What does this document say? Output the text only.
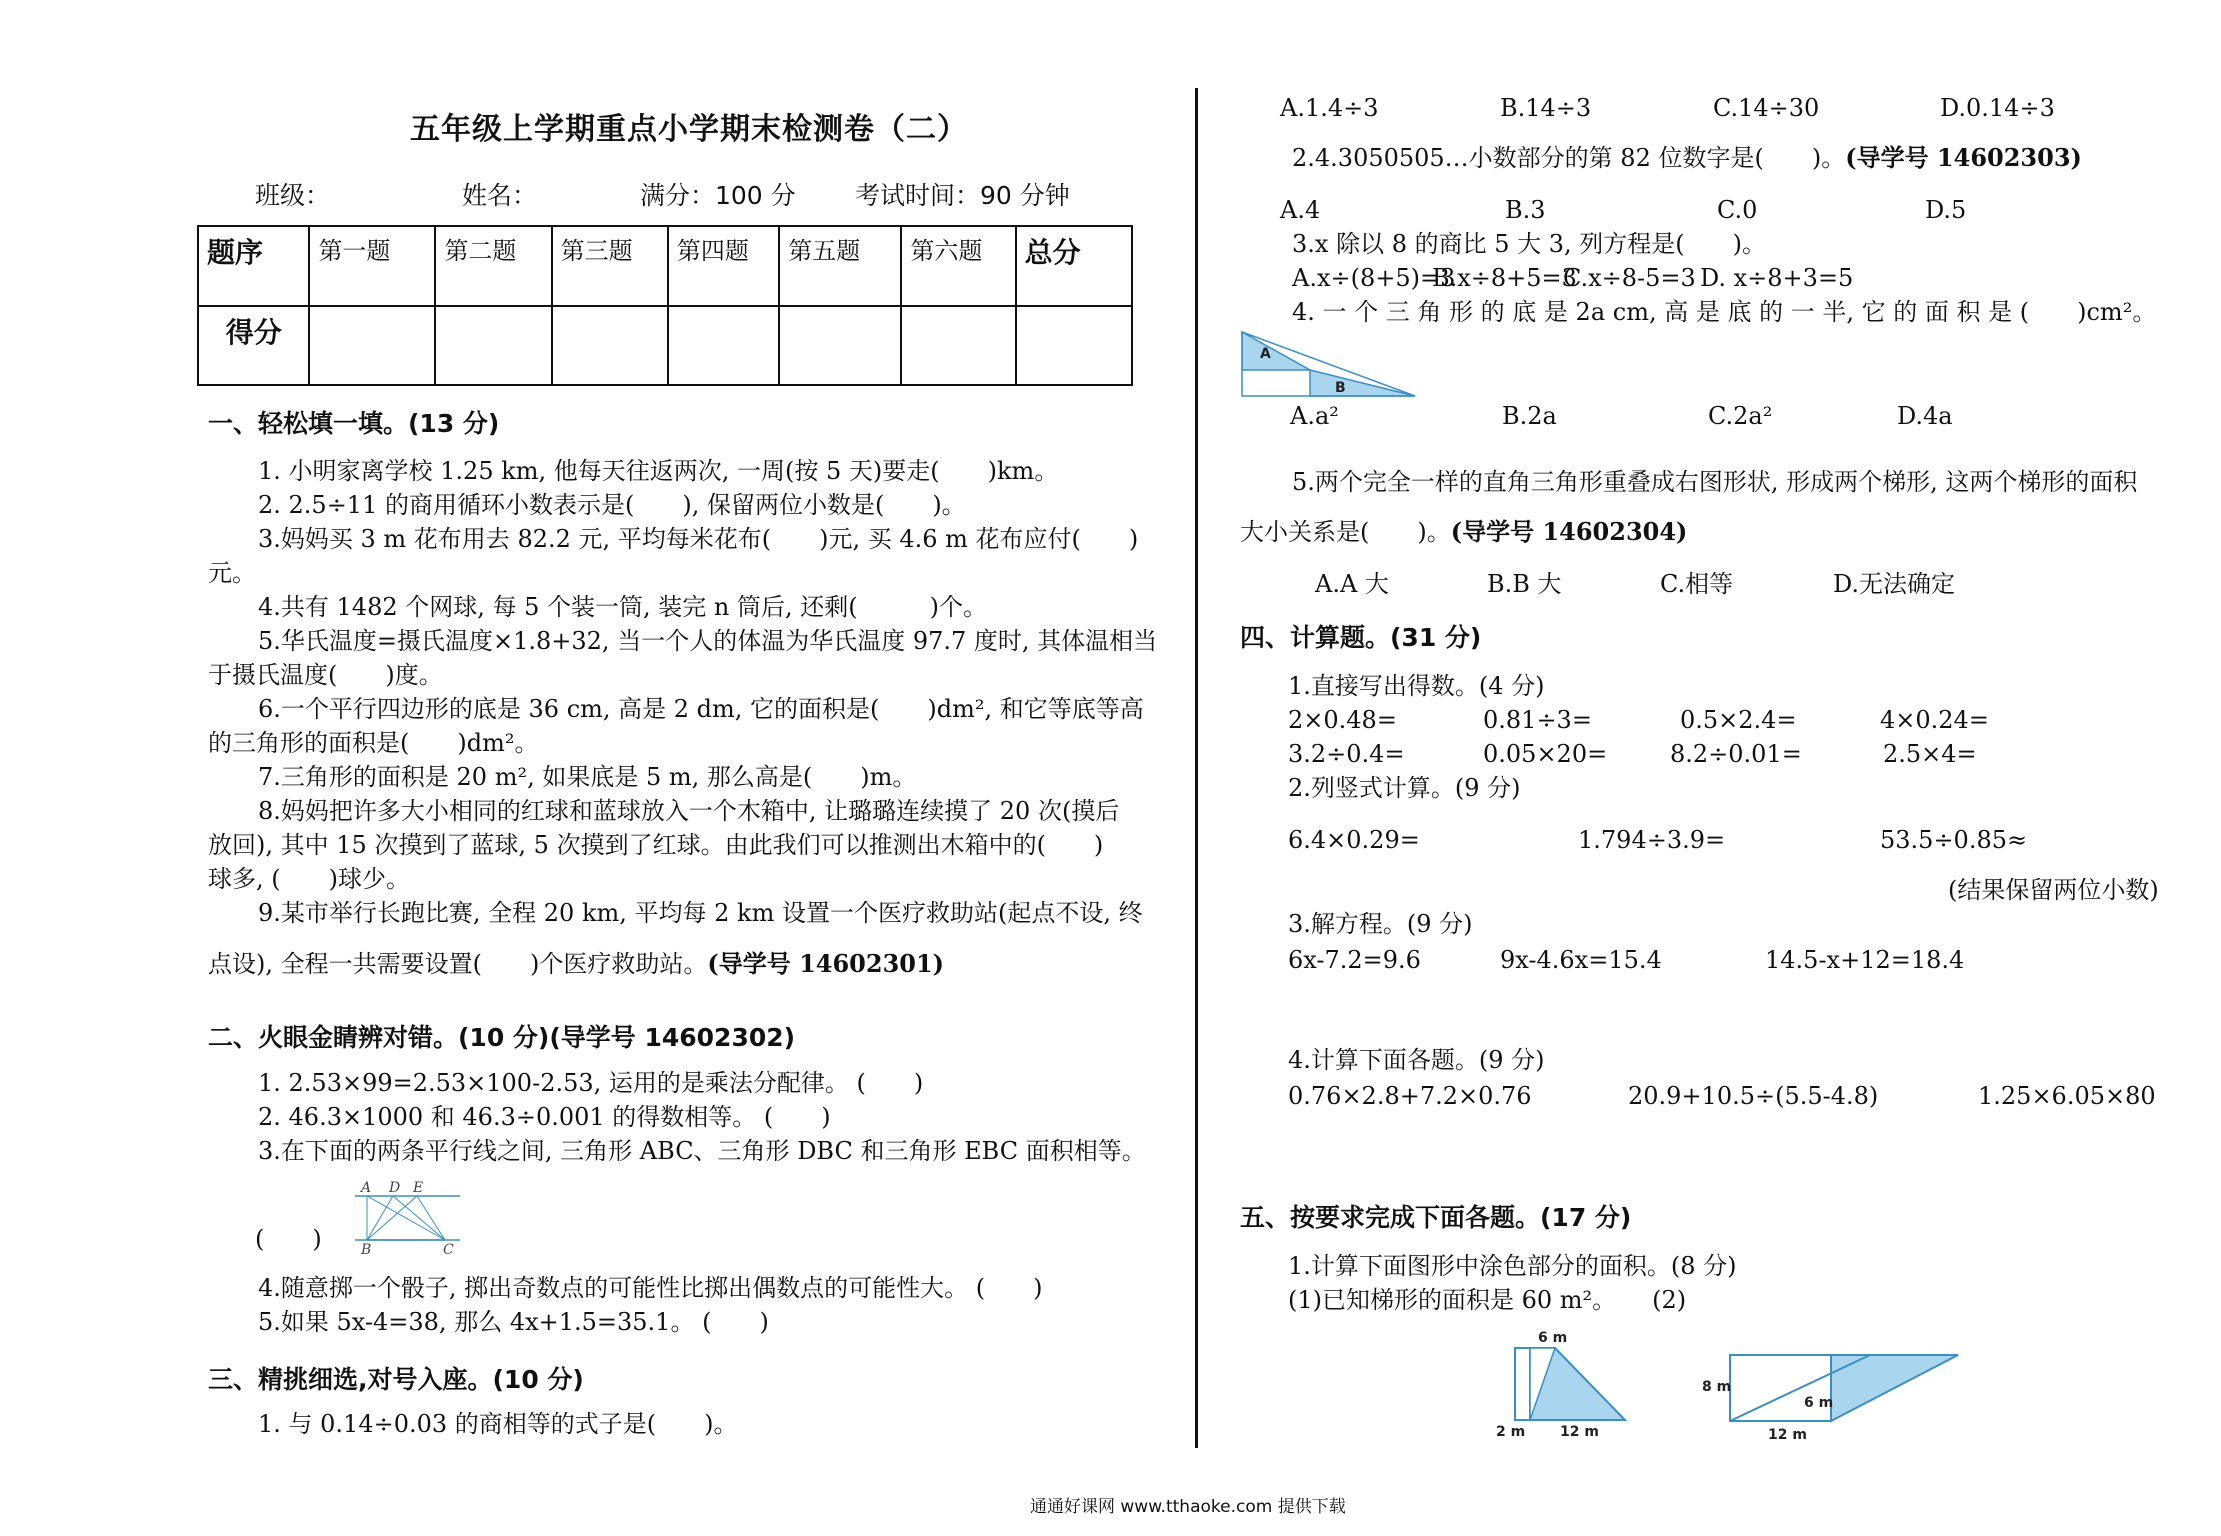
五年级上学期重点小学期末检测卷（二）
班级：	姓名：	满分：100 分 考试时间：90 分钟
题序	第一题	第二题	第三题	第四题	第五题	第六题	总分
得分							
一、轻松填一填。(13 分)
1. 小明家离学校 1.25 km, 他每天往返两次, 一周(按 5 天)要走(　　)km。
2. 2.5÷11 的商用循环小数表示是(　　), 保留两位小数是(　　)。
3.妈妈买 3 m 花布用去 82.2 元, 平均每米花布(　　)元, 买 4.6 m 花布应付(　　)
元。
4.共有 1482 个网球, 每 5 个装一筒, 装完 n 筒后, 还剩(　　　)个。
5.华氏温度=摄氏温度×1.8+32, 当一个人的体温为华氏温度 97.7 度时, 其体温相当
于摄氏温度(　　)度。
6.一个平行四边形的底是 36 cm, 高是 2 dm, 它的面积是(　　)dm², 和它等底等高
的三角形的面积是(　　)dm²。
7.三角形的面积是 20 m², 如果底是 5 m, 那么高是(　　)m。
8.妈妈把许多大小相同的红球和蓝球放入一个木箱中, 让璐璐连续摸了 20 次(摸后
放回), 其中 15 次摸到了蓝球, 5 次摸到了红球。由此我们可以推测出木箱中的(　　)
球多, (　　)球少。
9.某市举行长跑比赛, 全程 20 km, 平均每 2 km 设置一个医疗救助站(起点不设, 终
点设), 全程一共需要设置(　　)个医疗救助站。(导学号 14602301)
二、火眼金睛辨对错。(10 分)(导学号 14602302)
1. 2.53×99=2.53×100-2.53, 运用的是乘法分配律。 (　　)
2. 46.3×1000 和 46.3÷0.001 的得数相等。 (　　)
3.在下面的两条平行线之间, 三角形 ABC、三角形 DBC 和三角形 EBC 面积相等。
(　　)
A D E
B	C
4.随意掷一个骰子, 掷出奇数点的可能性比掷出偶数点的可能性大。 (　　)
5.如果 5x-4=38, 那么 4x+1.5=35.1。 (　　)
三、精挑细选,对号入座。(10 分)
1. 与 0.14÷0.03 的商相等的式子是(　　)。
A.1.4÷3	B.14÷3	C.14÷30	D.0.14÷3
2.4.3050505…小数部分的第 82 位数字是(　　)。(导学号 14602303)
A.4	B.3	C.0	D.5
3.x 除以 8 的商比 5 大 3, 列方程是(　　)。
A.x÷(8+5)=3
B.x÷8+5=3
C.x÷8-5=3 D. x÷8+3=5
4. 一 个 三 角 形 的 底 是 2a cm, 高 是 底 的 一 半, 它 的 面 积 是 (　　)cm²。
A
B
A.a²	B.2a	C.2a²	D.4a
5.两个完全一样的直角三角形重叠成右图形状, 形成两个梯形, 这两个梯形的面积
大小关系是(　　)。(导学号 14602304)
A.A 大	B.B 大	C.相等	D.无法确定
四、计算题。(31 分)
1.直接写出得数。(4 分)
2×0.48=	0.81÷3=	0.5×2.4=	4×0.24=
3.2÷0.4=	0.05×20=	8.2÷0.01=	2.5×4=
2.列竖式计算。(9 分)
6.4×0.29=	1.794÷3.9=	53.5÷0.85≈
(结果保留两位小数)
3.解方程。(9 分)
6x-7.2=9.6	9x-4.6x=15.4	14.5-x+12=18.4
4.计算下面各题。(9 分)
0.76×2.8+7.2×0.76	20.9+10.5÷(5.5-4.8)	1.25×6.05×80
五、按要求完成下面各题。(17 分)
1.计算下面图形中涂色部分的面积。(8 分)
(1)已知梯形的面积是 60 m²。　　(2)
6 m
2 m 12 m
8 m
6 m
12 m
通通好课网 www.tthaoke.com 提供下载
